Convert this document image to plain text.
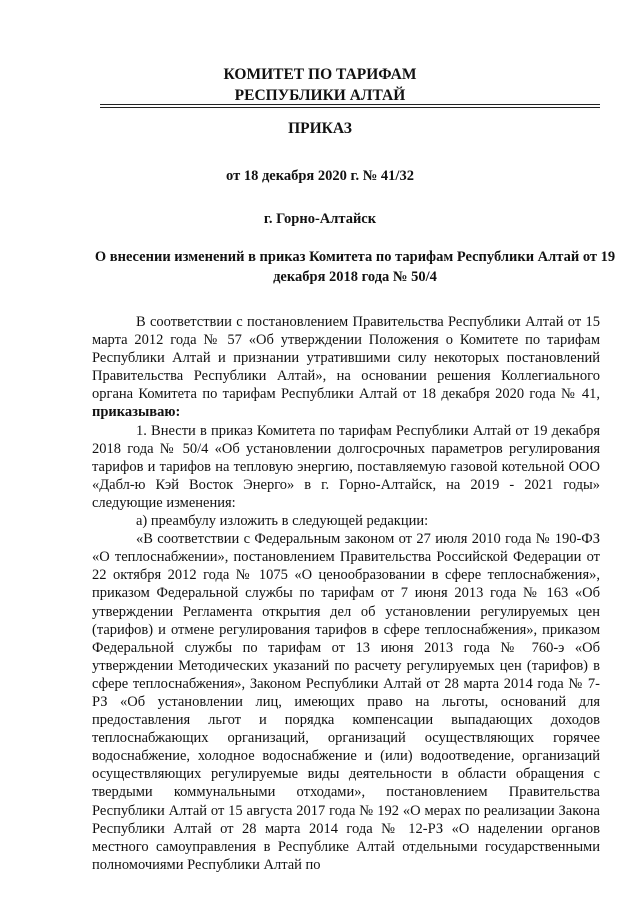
КОМИТЕТ ПО ТАРИФАМ
РЕСПУБЛИКИ АЛТАЙ
ПРИКАЗ
от 18 декабря 2020 г. № 41/32
г. Горно-Алтайск
О внесении изменений в приказ Комитета по тарифам Республики Алтай от 19 декабря 2018 года № 50/4

В соответствии с постановлением Правительства Республики Алтай от 15 марта 2012 года № 57 «Об утверждении Положения о Комитете по тарифам Республики Алтай и признании утратившими силу некоторых постановлений Правительства Республики Алтай», на основании решения Коллегиального органа Комитета по тарифам Республики Алтай от 18 декабря 2020 года № 41, приказываю:

1. Внести в приказ Комитета по тарифам Республики Алтай от 19 декабря 2018 года № 50/4 «Об установлении долгосрочных параметров регулирования тарифов и тарифов на тепловую энергию, поставляемую газовой котельной ООО «Дабл-ю Кэй Восток Энерго» в г. Горно-Алтайск, на 2019 - 2021 годы» следующие изменения:

а) преамбулу изложить в следующей редакции:

«В соответствии с Федеральным законом от 27 июля 2010 года № 190-ФЗ «О теплоснабжении», постановлением Правительства Российской Федерации от 22 октября 2012 года № 1075 «О ценообразовании в сфере теплоснабжения», приказом Федеральной службы по тарифам от 7 июня 2013 года № 163 «Об утверждении Регламента открытия дел об установлении регулируемых цен (тарифов) и отмене регулирования тарифов в сфере теплоснабжения», приказом Федеральной службы по тарифам от 13 июня 2013 года № 760-э «Об утверждении Методических указаний по расчету регулируемых цен (тарифов) в сфере теплоснабжения», Законом Республики Алтай от 28 марта 2014 года № 7-РЗ «Об установлении лиц, имеющих право на льготы, оснований для предоставления льгот и порядка компенсации выпадающих доходов теплоснабжающих организаций, организаций осуществляющих горячее водоснабжение, холодное водоснабжение и (или) водоотведение, организаций осуществляющих регулируемые виды деятельности в области обращения с твердыми коммунальными отходами», постановлением Правительства Республики Алтай от 15 августа 2017 года № 192 «О мерах по реализации Закона Республики Алтай от 28 марта 2014 года № 12-РЗ «О наделении органов местного самоуправления в Республике Алтай отдельными государственными полномочиями Республики Алтай по
